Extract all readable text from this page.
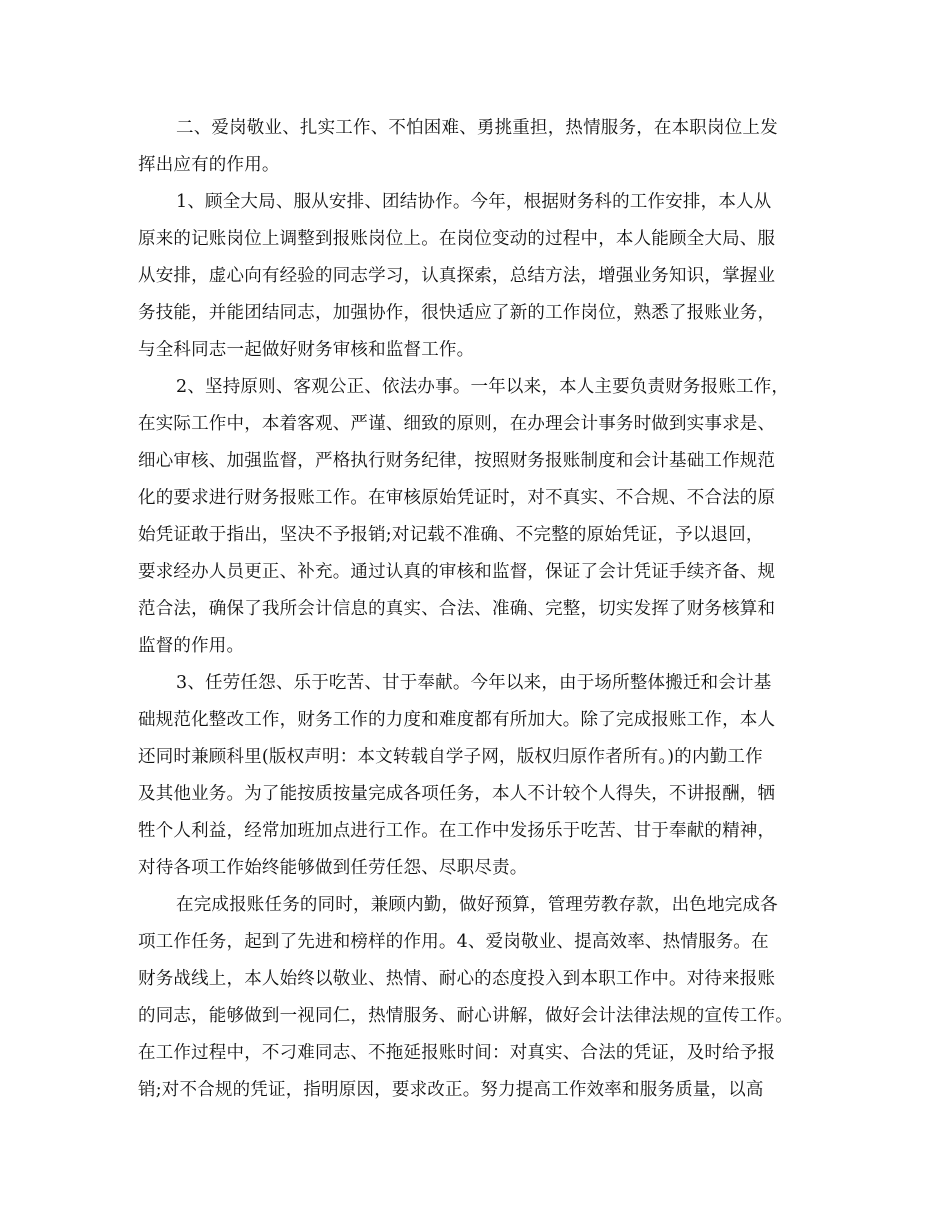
二、爱岗敬业、扎实工作、不怕困难、勇挑重担，热情服务，在本职岗位上发
挥出应有的作用。
1、顾全大局、服从安排、团结协作。今年，根据财务科的工作安排，本人从
原来的记账岗位上调整到报账岗位上。在岗位变动的过程中，本人能顾全大局、服
从安排，虚心向有经验的同志学习，认真探索，总结方法，增强业务知识，掌握业
务技能，并能团结同志，加强协作，很快适应了新的工作岗位，熟悉了报账业务，
与全科同志一起做好财务审核和监督工作。
2、坚持原则、客观公正、依法办事。一年以来，本人主要负责财务报账工作，
在实际工作中，本着客观、严谨、细致的原则，在办理会计事务时做到实事求是、
细心审核、加强监督，严格执行财务纪律，按照财务报账制度和会计基础工作规范
化的要求进行财务报账工作。在审核原始凭证时，对不真实、不合规、不合法的原
始凭证敢于指出，坚决不予报销;对记载不准确、不完整的原始凭证，予以退回，
要求经办人员更正、补充。通过认真的审核和监督，保证了会计凭证手续齐备、规
范合法，确保了我所会计信息的真实、合法、准确、完整，切实发挥了财务核算和
监督的作用。
3、任劳任怨、乐于吃苦、甘于奉献。今年以来，由于场所整体搬迁和会计基
础规范化整改工作，财务工作的力度和难度都有所加大。除了完成报账工作，本人
还同时兼顾科里(版权声明：本文转载自学子网，版权归原作者所有。)的内勤工作
及其他业务。为了能按质按量完成各项任务，本人不计较个人得失，不讲报酬，牺
牲个人利益，经常加班加点进行工作。在工作中发扬乐于吃苦、甘于奉献的精神，
对待各项工作始终能够做到任劳任怨、尽职尽责。
在完成报账任务的同时，兼顾内勤，做好预算，管理劳教存款，出色地完成各
项工作任务，起到了先进和榜样的作用。4、爱岗敬业、提高效率、热情服务。在
财务战线上，本人始终以敬业、热情、耐心的态度投入到本职工作中。对待来报账
的同志，能够做到一视同仁，热情服务、耐心讲解，做好会计法律法规的宣传工作。
在工作过程中，不刁难同志、不拖延报账时间：对真实、合法的凭证，及时给予报
销;对不合规的凭证，指明原因，要求改正。努力提高工作效率和服务质量，以高
